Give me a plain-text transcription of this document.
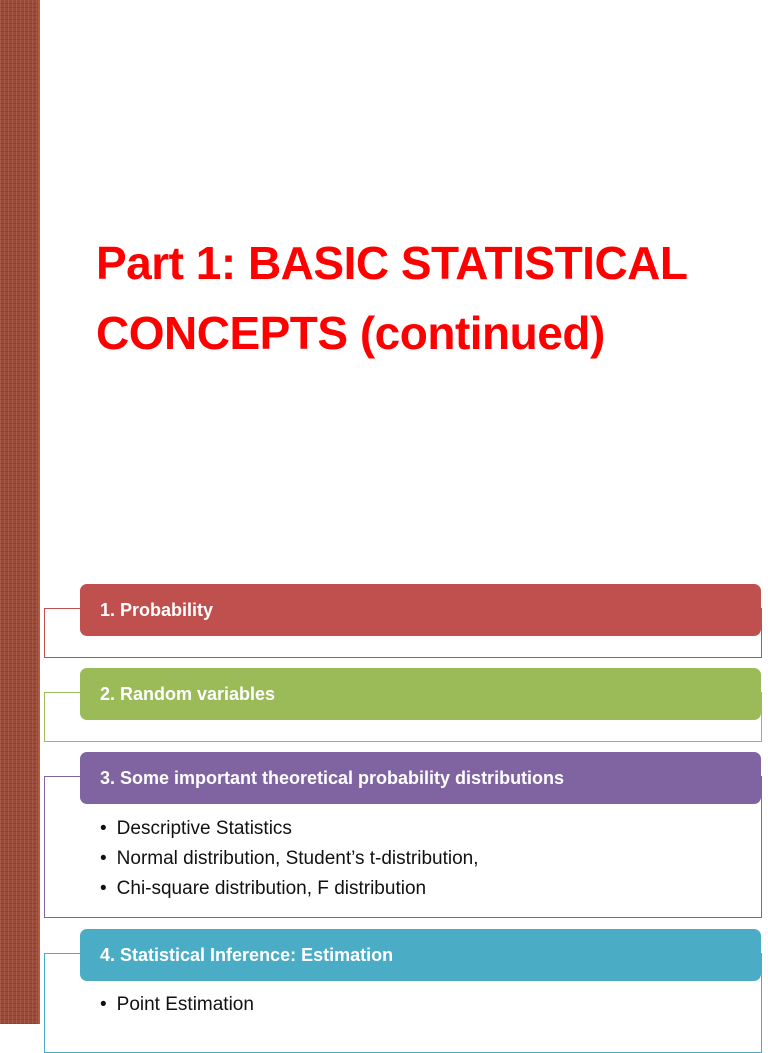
Part 1: BASIC STATISTICAL
CONCEPTS (continued)
1. Probability
2. Random variables
3. Some important theoretical probability distributions
• Descriptive Statistics
• Normal distribution, Student’s t-distribution,
• Chi-square distribution, F distribution
4. Statistical Inference: Estimation
• Point Estimation
